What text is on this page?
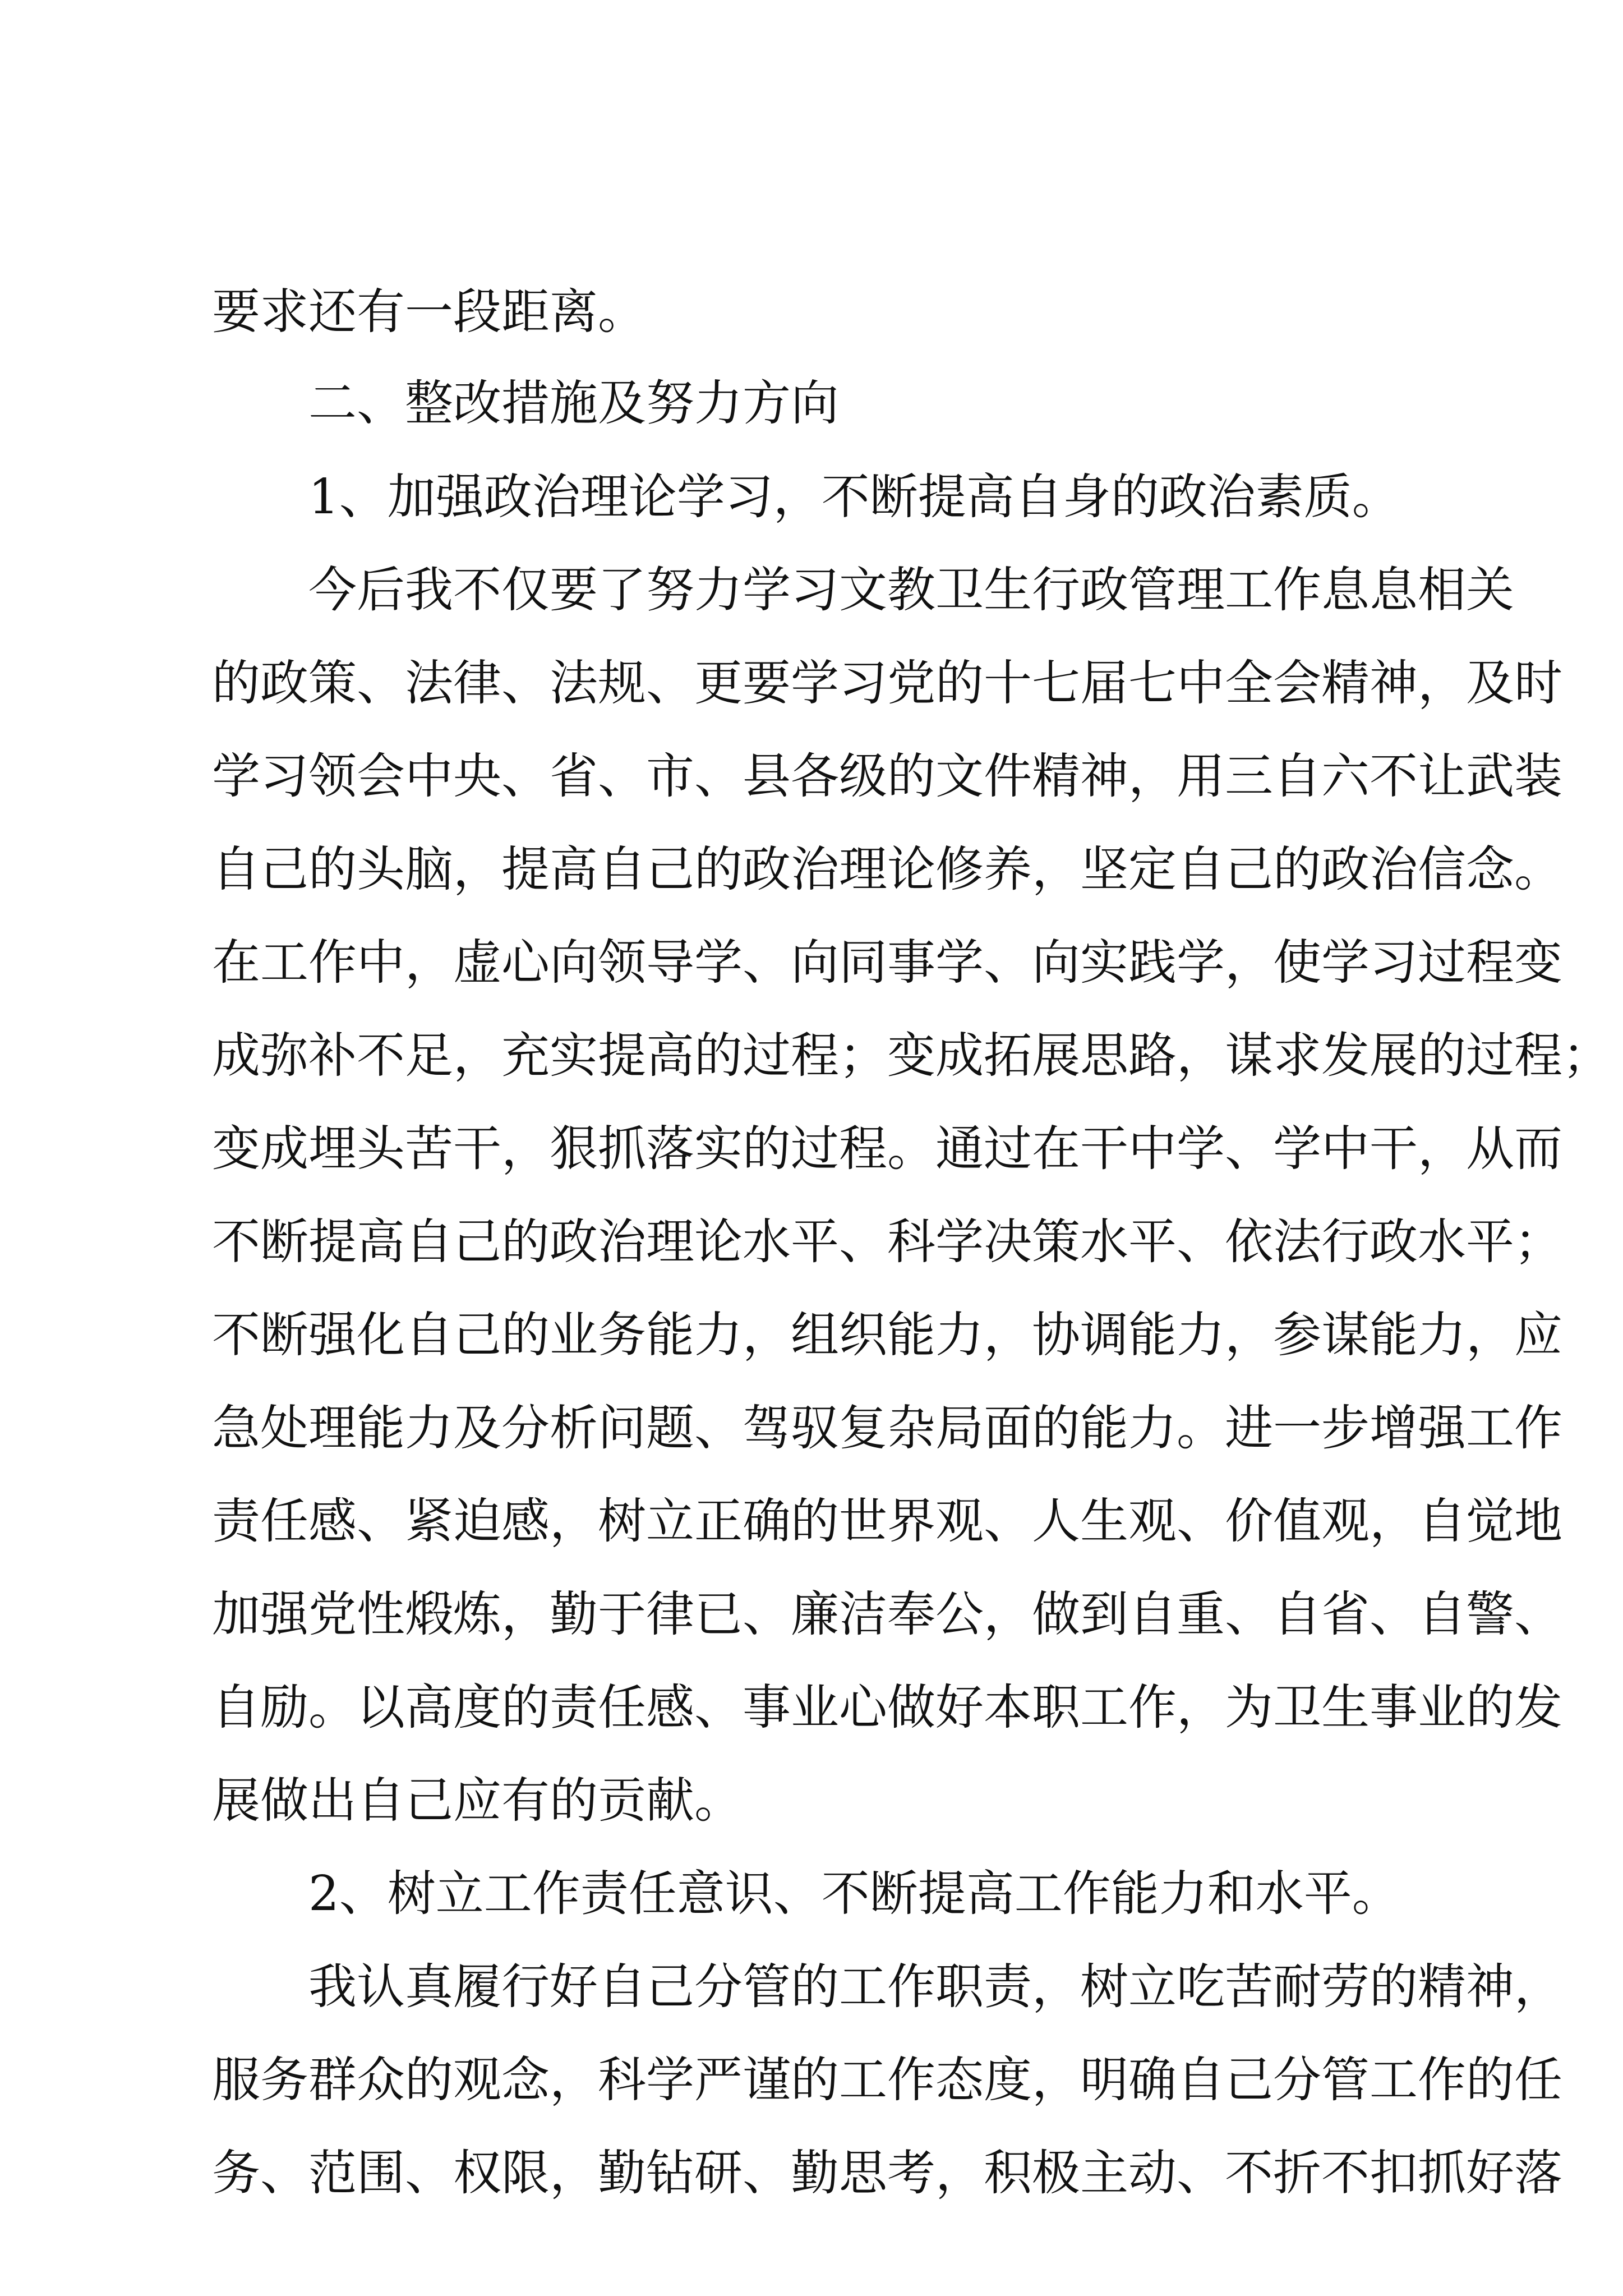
要求还有一段距离。
二、整改措施及努力方向
1、加强政治理论学习，不断提高自身的政治素质。
今后我不仅要了努力学习文教卫生行政管理工作息息相关
的政策、法律、法规、更要学习党的十七届七中全会精神，及时
学习领会中央、省、市、县各级的文件精神，用三自六不让武装
自己的头脑，提高自己的政治理论修养，坚定自己的政治信念。
在工作中，虚心向领导学、向同事学、向实践学，使学习过程变
成弥补不足，充实提高的过程；变成拓展思路，谋求发展的过程；
变成埋头苦干，狠抓落实的过程。通过在干中学、学中干，从而
不断提高自己的政治理论水平、科学决策水平、依法行政水平；
不断强化自己的业务能力，组织能力，协调能力，参谋能力，应
急处理能力及分析问题、驾驭复杂局面的能力。进一步增强工作
责任感、紧迫感，树立正确的世界观、人生观、价值观，自觉地
加强党性煅炼，勤于律已、廉洁奉公，做到自重、自省、自警、
自励。以高度的责任感、事业心做好本职工作，为卫生事业的发
展做出自己应有的贡献。
2、树立工作责任意识、不断提高工作能力和水平。
我认真履行好自己分管的工作职责，树立吃苦耐劳的精神，
服务群众的观念，科学严谨的工作态度，明确自己分管工作的任
务、范围、权限，勤钻研、勤思考，积极主动、不折不扣抓好落
